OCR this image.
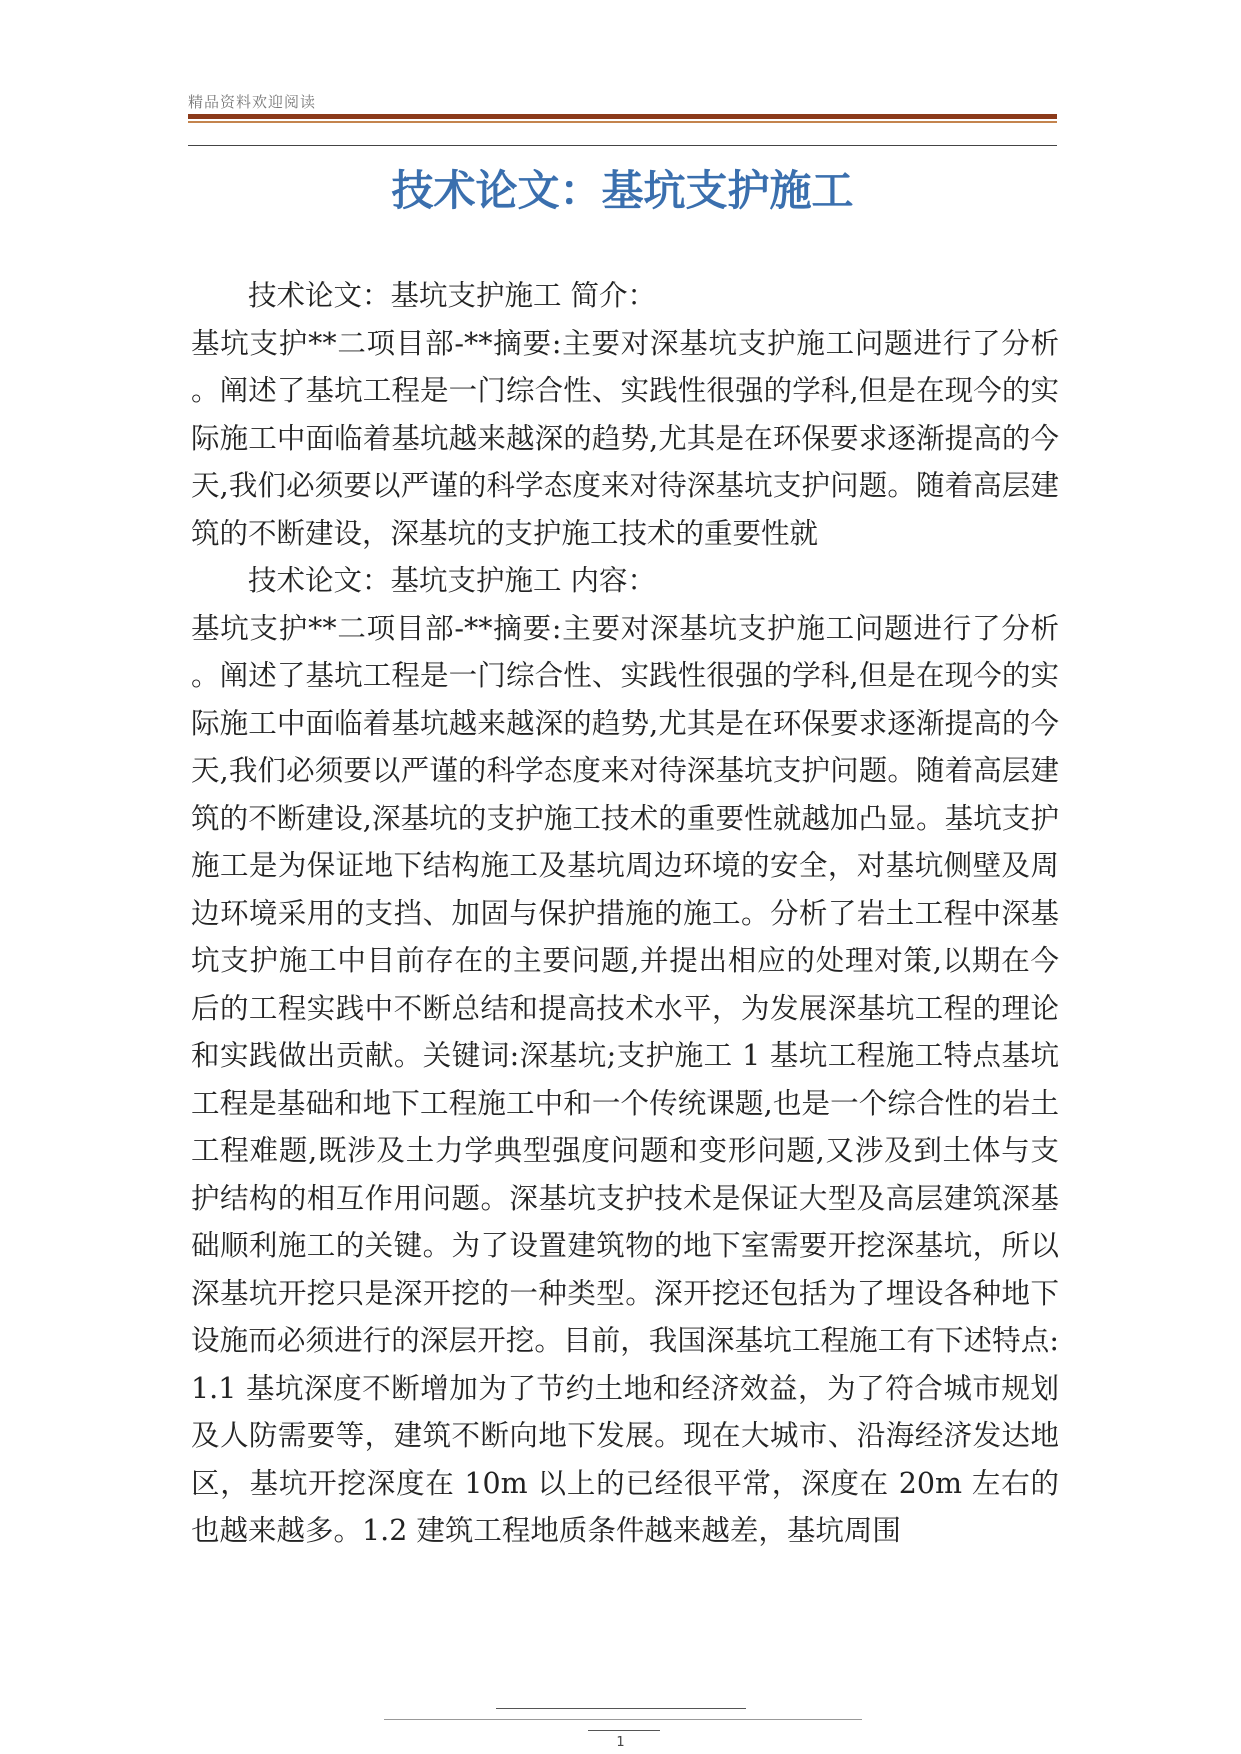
精品资料欢迎阅读
技术论文：基坑支护施工

技术论文：基坑支护施工 简介：

基坑支护**二项目部-**摘要:主要对深基坑支护施工问题进行了分析。阐述了基坑工程是一门综合性、实践性很强的学科,但是在现今的实际施工中面临着基坑越来越深的趋势,尤其是在环保要求逐渐提高的今天,我们必须要以严谨的科学态度来对待深基坑支护问题。随着高层建筑的不断建设，深基坑的支护施工技术的重要性就

技术论文：基坑支护施工 内容：

基坑支护**二项目部-**摘要:主要对深基坑支护施工问题进行了分析。阐述了基坑工程是一门综合性、实践性很强的学科,但是在现今的实际施工中面临着基坑越来越深的趋势,尤其是在环保要求逐渐提高的今天,我们必须要以严谨的科学态度来对待深基坑支护问题。随着高层建筑的不断建设,深基坑的支护施工技术的重要性就越加凸显。基坑支护施工是为保证地下结构施工及基坑周边环境的安全，对基坑侧壁及周边环境采用的支挡、加固与保护措施的施工。分析了岩土工程中深基坑支护施工中目前存在的主要问题,并提出相应的处理对策,以期在今后的工程实践中不断总结和提高技术水平，为发展深基坑工程的理论和实践做出贡献。关键词:深基坑;支护施工 1 基坑工程施工特点基坑工程是基础和地下工程施工中和一个传统课题,也是一个综合性的岩土工程难题,既涉及土力学典型强度问题和变形问题,又涉及到土体与支护结构的相互作用问题。深基坑支护技术是保证大型及高层建筑深基础顺利施工的关键。为了设置建筑物的地下室需要开挖深基坑，所以深基坑开挖只是深开挖的一种类型。深开挖还包括为了埋设各种地下设施而必须进行的深层开挖。目前，我国深基坑工程施工有下述特点:1.1 基坑深度不断增加为了节约土地和经济效益，为了符合城市规划及人防需要等，建筑不断向地下发展。现在大城市、沿海经济发达地区，基坑开挖深度在 10m 以上的已经很平常，深度在 20m 左右的也越来越多。1.2 建筑工程地质条件越来越差，基坑周围

1
